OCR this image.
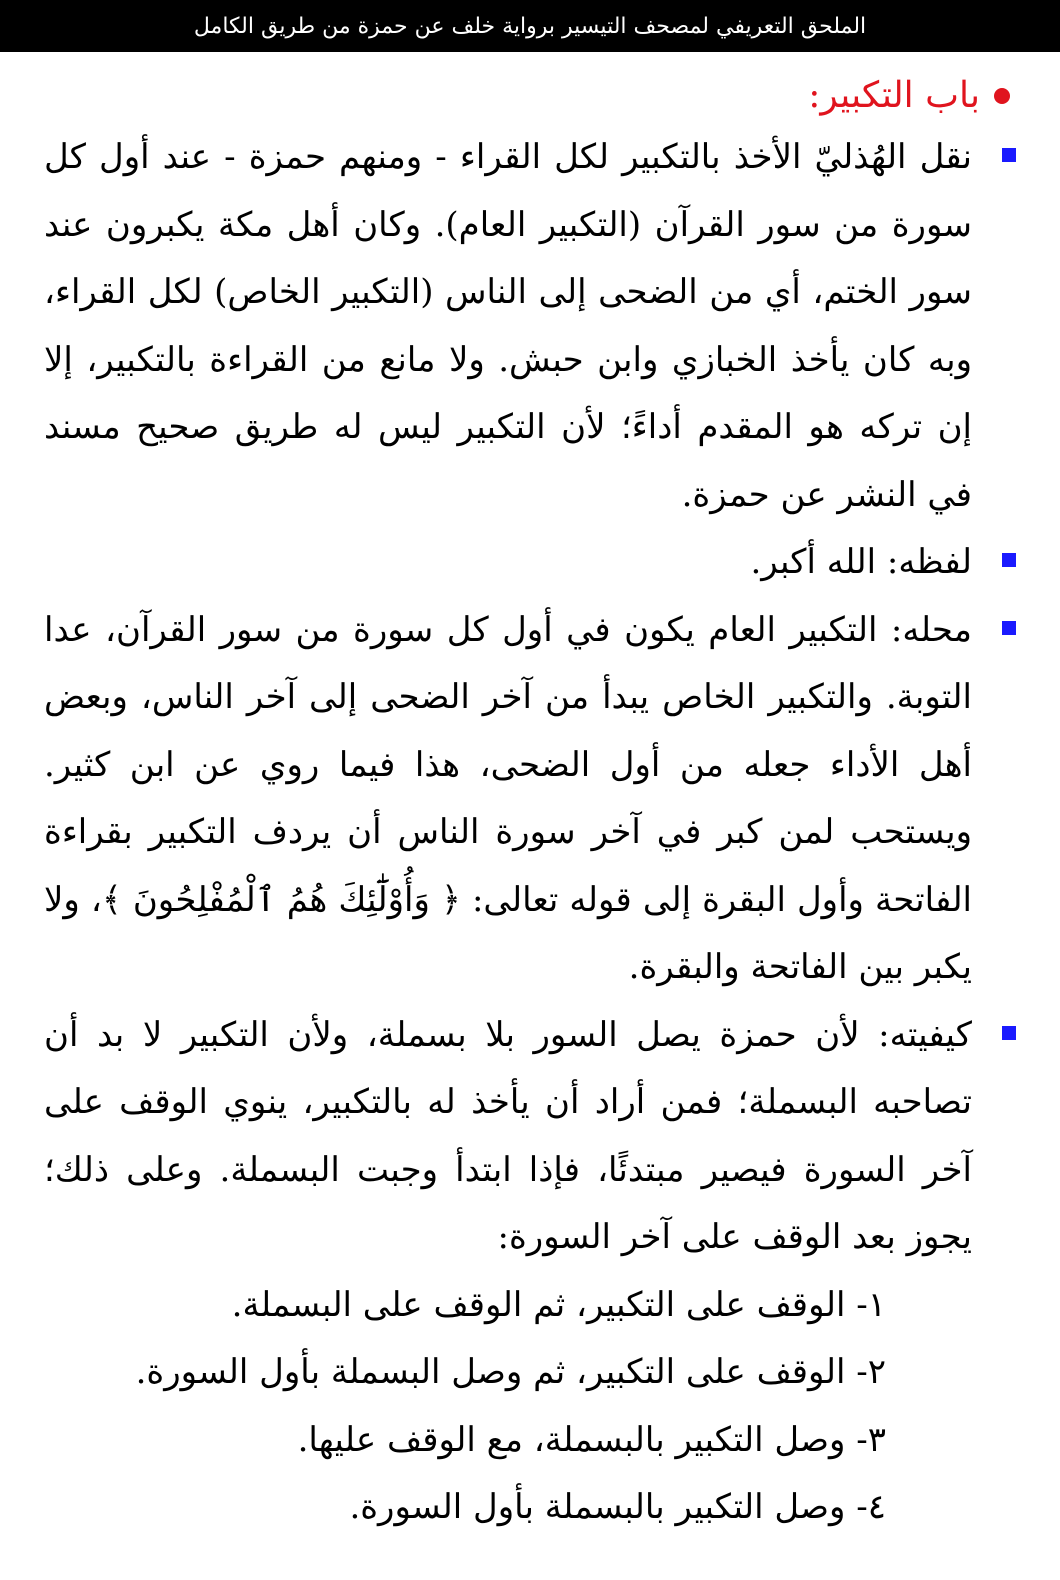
الملحق التعريفي لمصحف التيسير برواية خلف عن حمزة من طريق الكامل
باب التكبير:
نقل الهُذليّ الأخذ بالتكبير لكل القراء - ومنهم حمزة - عند أول كل سورة من سور القرآن (التكبير العام). وكان أهل مكة يكبرون عند سور الختم، أي من الضحى إلى الناس (التكبير الخاص) لكل القراء، وبه كان يأخذ الخبازي وابن حبش. ولا مانع من القراءة بالتكبير، إلا إن تركه هو المقدم أداءً؛ لأن التكبير ليس له طريق صحيح مسند في النشر عن حمزة.
لفظه: الله أكبر.
محله: التكبير العام يكون في أول كل سورة من سور القرآن، عدا التوبة. والتكبير الخاص يبدأ من آخر الضحى إلى آخر الناس، وبعض أهل الأداء جعله من أول الضحى، هذا فيما روي عن ابن كثير. ويستحب لمن كبر في آخر سورة الناس أن يردف التكبير بقراءة الفاتحة وأول البقرة إلى قوله تعالى: ﴿ وَأُوْلَٰٓئِكَ هُمُ ٱلْمُفْلِحُونَ ﴾، ولا يكبر بين الفاتحة والبقرة.
كيفيته: لأن حمزة يصل السور بلا بسملة، ولأن التكبير لا بد أن تصاحبه البسملة؛ فمن أراد أن يأخذ له بالتكبير، ينوي الوقف على آخر السورة فيصير مبتدئًا، فإذا ابتدأ وجبت البسملة. وعلى ذلك؛ يجوز بعد الوقف على آخر السورة:
١- الوقف على التكبير، ثم الوقف على البسملة.
٢- الوقف على التكبير، ثم وصل البسملة بأول السورة.
٣- وصل التكبير بالبسملة، مع الوقف عليها.
٤- وصل التكبير بالبسملة بأول السورة.
